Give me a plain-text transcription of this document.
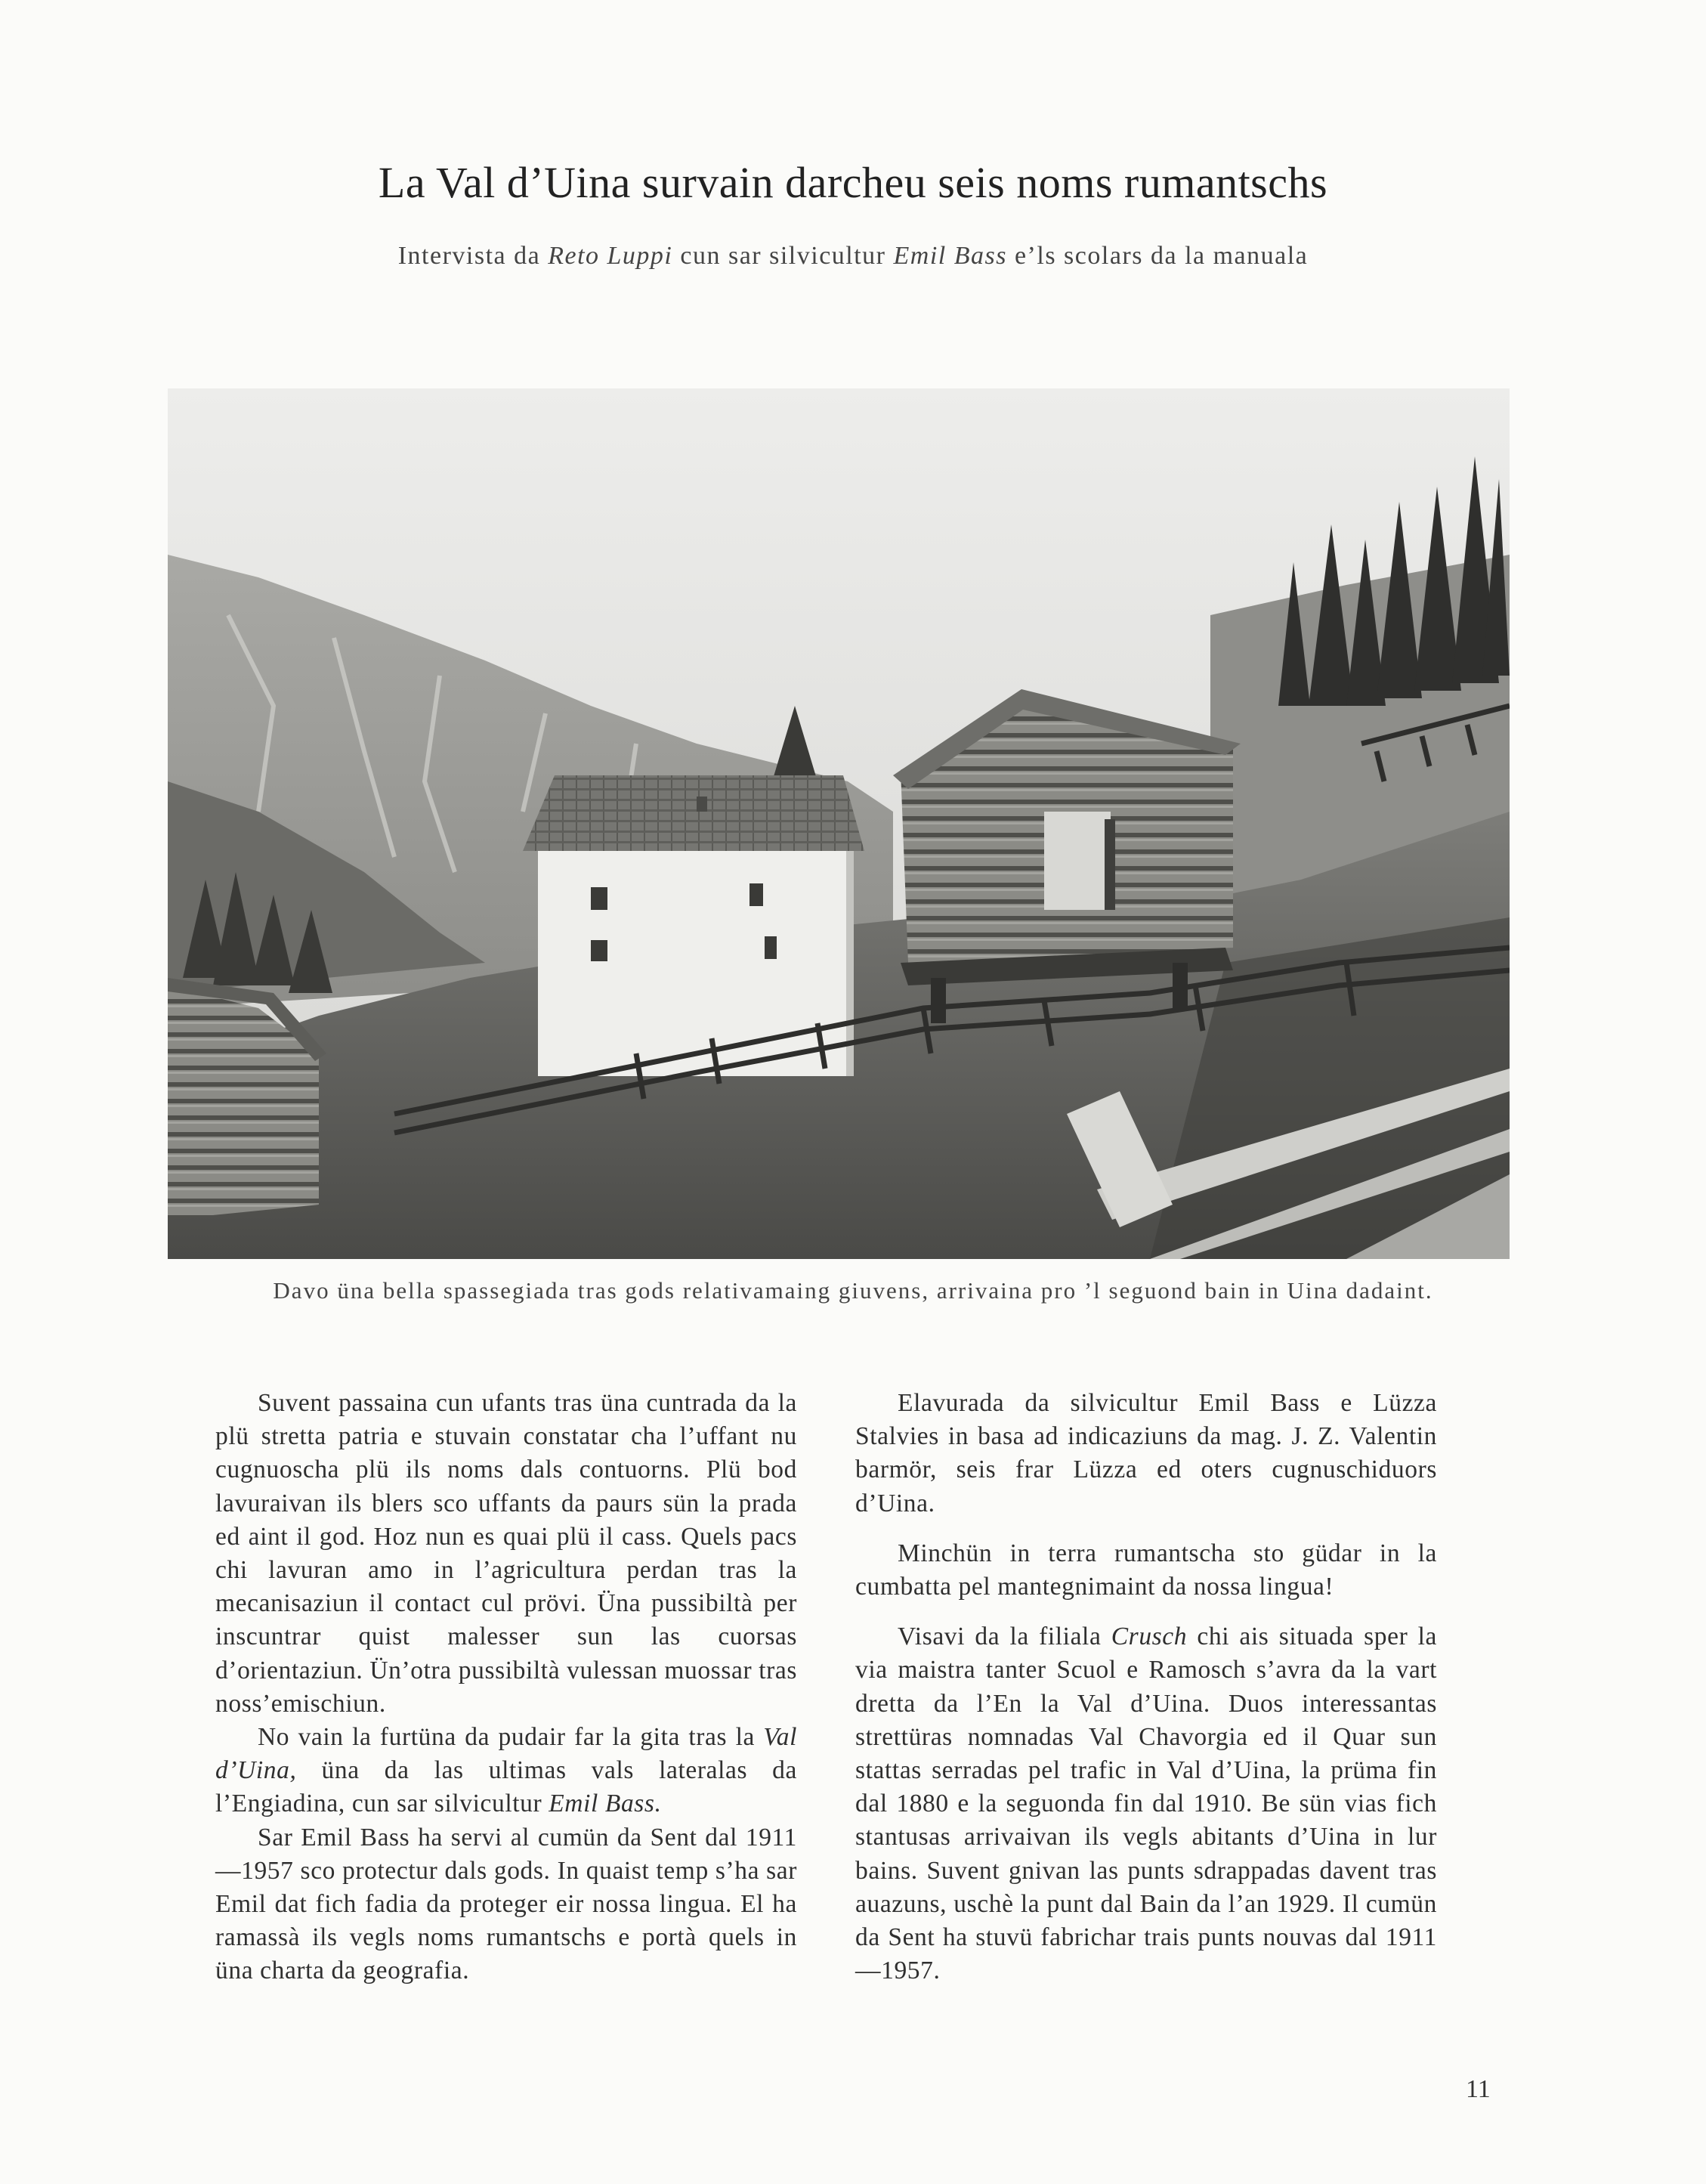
La Val d’Uina survain darcheu seis noms rumantschs
Intervista da Reto Luppi cun sar silvicultur Emil Bass e’ls scolars da la manuala
Davo üna bella spassegiada tras gods relativamaing giuvens, arrivaina pro ’l seguond bain in Uina dadaint.

Suvent passaina cun ufants tras üna cuntrada da la plü stretta patria e stuvain constatar cha l’uffant nu cugnuoscha plü ils noms dals contuorns. Plü bod lavuraivan ils blers sco uffants da paurs sün la prada ed aint il god. Hoz nun es quai plü il cass. Quels pacs chi lavuran amo in l’agricultura perdan tras la mecanisaziun il contact cul prövi. Üna pussibiltà per inscuntrar quist malesser sun las cuorsas d’orientaziun. Ün’otra pussibiltà vulessan muossar tras noss’emischiun.

No vain la furtüna da pudair far la gita tras la Val d’Uina, üna da las ultimas vals lateralas da l’Engiadina, cun sar silvicultur Emil Bass.

Sar Emil Bass ha servi al cumün da Sent dal 1911—1957 sco protectur dals gods. In quaist temp s’ha sar Emil dat fich fadia da proteger eir nossa lingua. El ha ramassà ils vegls noms rumantschs e portà quels in üna charta da geografia.

Elavurada da silvicultur Emil Bass e Lüzza Stalvies in basa ad indicaziuns da mag. J. Z. Valentin barmör, seis frar Lüzza ed oters cugnuschiduors d’Uina.

Minchün in terra rumantscha sto güdar in la cumbatta pel mantegnimaint da nossa lingua!

Visavi da la filiala Crusch chi ais situada sper la via maistra tanter Scuol e Ramosch s’avra da la vart dretta da l’En la Val d’Uina. Duos interessantas strettüras nomnadas Val Chavorgia ed il Quar sun stattas serradas pel trafic in Val d’Uina, la prüma fin dal 1880 e la seguonda fin dal 1910. Be sün vias fich stantusas arrivaivan ils vegls abitants d’Uina in lur bains. Suvent gnivan las punts sdrappadas davent tras auazuns, uschè la punt dal Bain da l’an 1929. Il cumün da Sent ha stuvü fabrichar trais punts nouvas dal 1911—1957.

11
